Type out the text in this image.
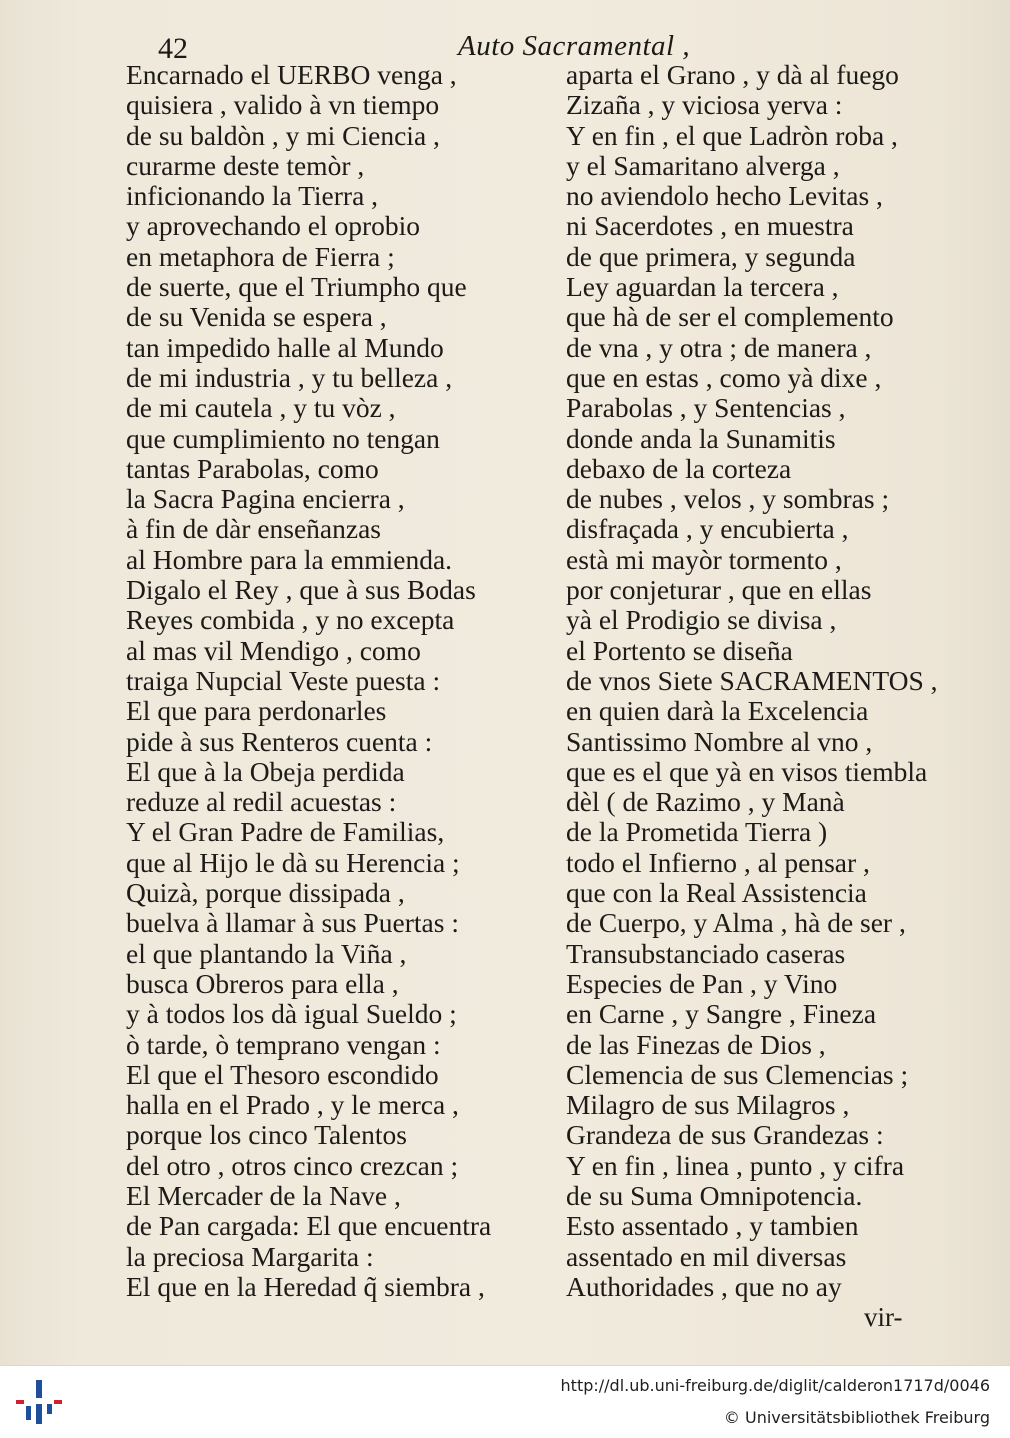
42	Auto Sacramental ,
Encarnado el UERBO venga ,
quisiera , valido à vn tiempo
de su baldòn , y mi Ciencia ,
curarme deste temòr ,
inficionando la Tierra ,
y aprovechando el oprobio
en metaphora de Fierra ;
de suerte, que el Triumpho que
de su Venida se espera ,
tan impedido halle al Mundo
de mi industria , y tu belleza ,
de mi cautela , y tu vòz ,
que cumplimiento no tengan
tantas Parabolas, como
la Sacra Pagina encierra ,
à fin de dàr enseñanzas
al Hombre para la emmienda.
Digalo el Rey , que à sus Bodas
Reyes combida , y no excepta
al mas vil Mendigo , como
traiga Nupcial Veste puesta :
El que para perdonarles
pide à sus Renteros cuenta :
El que à la Obeja perdida
reduze al redil acuestas :
Y el Gran Padre de Familias,
que al Hijo le dà su Herencia ;
Quizà, porque dissipada ,
buelva à llamar à sus Puertas :
el que plantando la Viña ,
busca Obreros para ella ,
y à todos los dà igual Sueldo ;
ò tarde, ò temprano vengan :
El que el Thesoro escondido
halla en el Prado , y le merca ,
porque los cinco Talentos
del otro , otros cinco crezcan ;
El Mercader de la Nave ,
de Pan cargada: El que encuentra
la preciosa Margarita :
El que en la Heredad q̃ siembra ,
aparta el Grano , y dà al fuego
Zizaña , y viciosa yerva :
Y en fin , el que Ladròn roba ,
y el Samaritano alverga ,
no aviendolo hecho Levitas ,
ni Sacerdotes , en muestra
de que primera, y segunda
Ley aguardan la tercera ,
que hà de ser el complemento
de vna , y otra ; de manera ,
que en estas , como yà dixe ,
Parabolas , y Sentencias ,
donde anda la Sunamitis
debaxo de la corteza
de nubes , velos , y sombras ;
disfraçada , y encubierta ,
està mi mayòr tormento ,
por conjeturar , que en ellas
yà el Prodigio se divisa ,
el Portento se diseña
de vnos Siete SACRAMENTOS ,
en quien darà la Excelencia
Santissimo Nombre al vno ,
que es el que yà en visos tiembla
dèl ( de Razimo , y Manà
de la Prometida Tierra )
todo el Infierno , al pensar ,
que con la Real Assistencia
de Cuerpo, y Alma , hà de ser ,
Transubstanciado caseras
Especies de Pan , y Vino
en Carne , y Sangre , Fineza
de las Finezas de Dios ,
Clemencia de sus Clemencias ;
Milagro de sus Milagros ,
Grandeza de sus Grandezas :
Y en fin , linea , punto , y cifra
de su Suma Omnipotencia.
Esto assentado , y tambien
assentado en mil diversas
Authoridades , que no ay
vir-
http://dl.ub.uni-freiburg.de/diglit/calderon1717d/0046
© Universitätsbibliothek Freiburg
